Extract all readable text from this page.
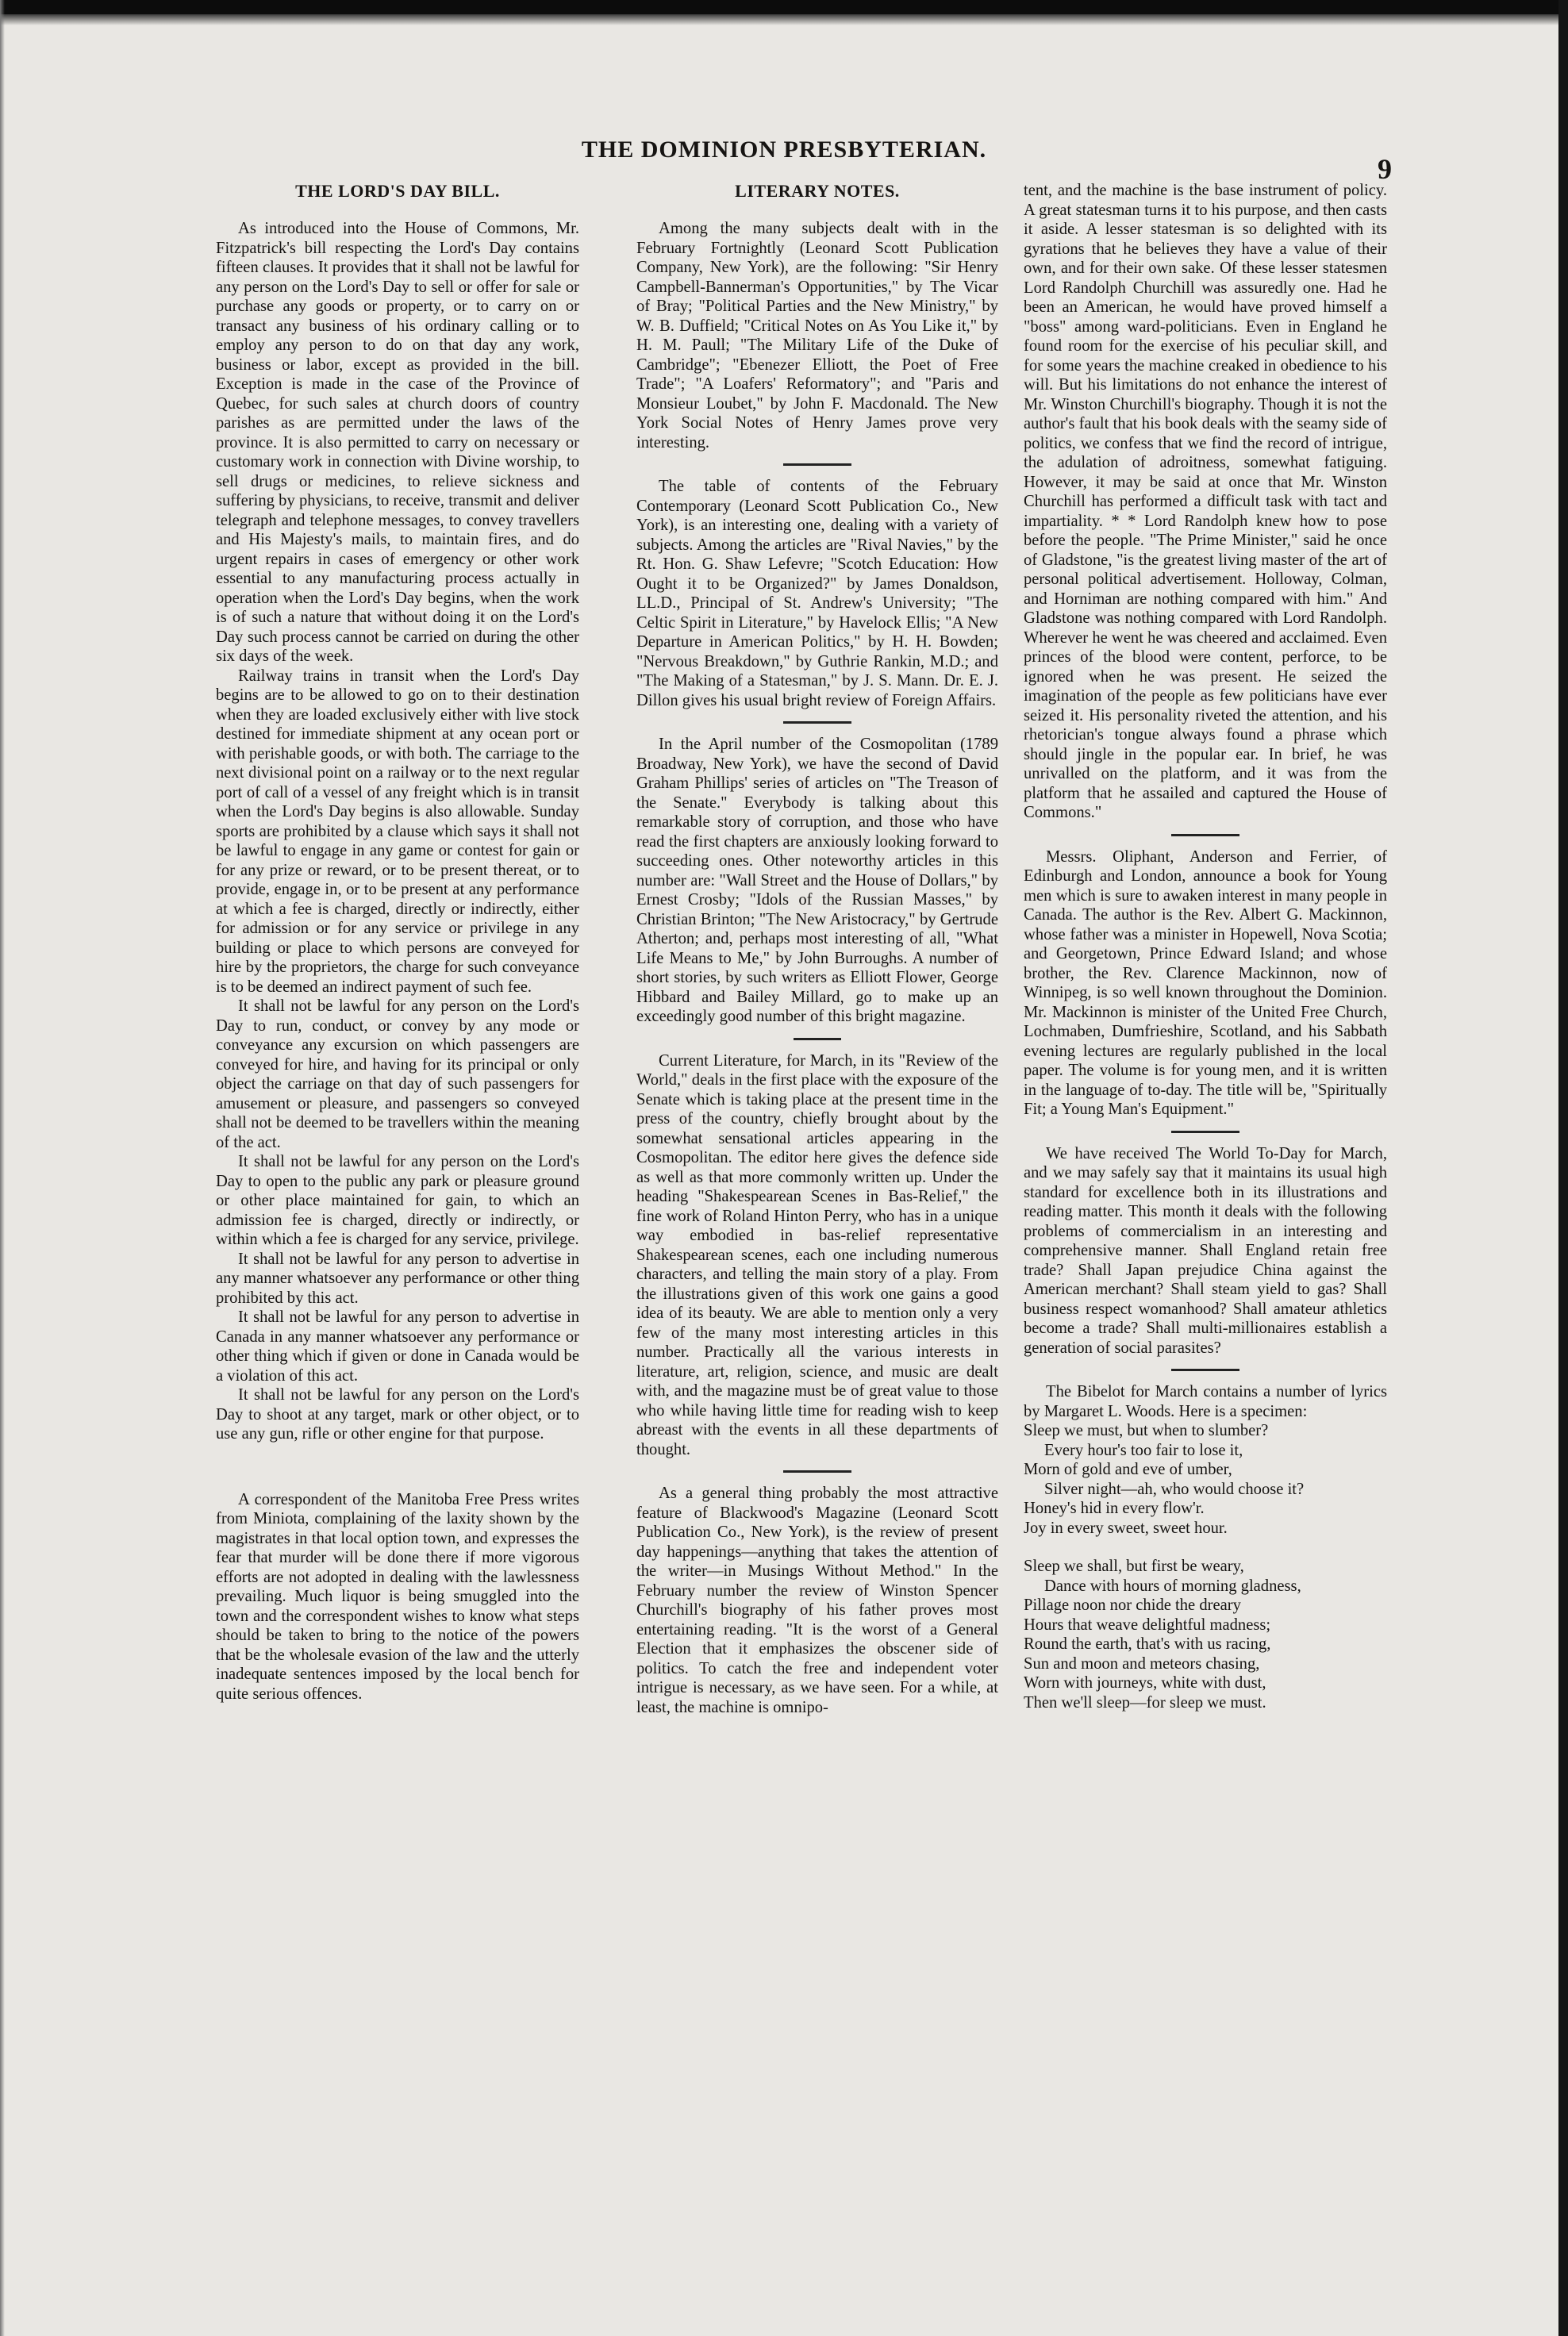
THE DOMINION PRESBYTERIAN.
9
THE LORD'S DAY BILL.

As introduced into the House of Commons, Mr. Fitzpatrick's bill respecting the Lord's Day contains fifteen clauses. It provides that it shall not be lawful for any person on the Lord's Day to sell or offer for sale or purchase any goods or property, or to carry on or transact any business of his ordinary calling or to employ any person to do on that day any work, business or labor, except as provided in the bill. Exception is made in the case of the Province of Quebec, for such sales at church doors of country parishes as are permitted under the laws of the province. It is also permitted to carry on necessary or customary work in connection with Divine worship, to sell drugs or medicines, to relieve sickness and suffering by physicians, to receive, transmit and deliver telegraph and telephone messages, to convey travellers and His Majesty's mails, to maintain fires, and do urgent repairs in cases of emergency or other work essential to any manufacturing process actually in operation when the Lord's Day begins, when the work is of such a nature that without doing it on the Lord's Day such process cannot be carried on during the other six days of the week.

Railway trains in transit when the Lord's Day begins are to be allowed to go on to their destination when they are loaded exclusively either with live stock destined for immediate shipment at any ocean port or with perishable goods, or with both. The carriage to the next divisional point on a railway or to the next regular port of call of a vessel of any freight which is in transit when the Lord's Day begins is also allowable. Sunday sports are prohibited by a clause which says it shall not be lawful to engage in any game or contest for gain or for any prize or reward, or to be present thereat, or to provide, engage in, or to be present at any performance at which a fee is charged, directly or indirectly, either for admission or for any service or privilege in any building or place to which persons are conveyed for hire by the proprietors, the charge for such conveyance is to be deemed an indirect payment of such fee.

It shall not be lawful for any person on the Lord's Day to run, conduct, or convey by any mode or conveyance any excursion on which passengers are conveyed for hire, and having for its principal or only object the carriage on that day of such passengers for amusement or pleasure, and passengers so conveyed shall not be deemed to be travellers within the meaning of the act.

It shall not be lawful for any person on the Lord's Day to open to the public any park or pleasure ground or other place maintained for gain, to which an admission fee is charged, directly or indirectly, or within which a fee is charged for any service, privilege.

It shall not be lawful for any person to advertise in any manner whatsoever any performance or other thing prohibited by this act.

It shall not be lawful for any person to advertise in Canada in any manner whatsoever any performance or other thing which if given or done in Canada would be a violation of this act.

It shall not be lawful for any person on the Lord's Day to shoot at any target, mark or other object, or to use any gun, rifle or other engine for that purpose.

A correspondent of the Manitoba Free Press writes from Miniota, complaining of the laxity shown by the magistrates in that local option town, and expresses the fear that murder will be done there if more vigorous efforts are not adopted in dealing with the lawlessness prevailing. Much liquor is being smuggled into the town and the correspondent wishes to know what steps should be taken to bring to the notice of the powers that be the wholesale evasion of the law and the utterly inadequate sentences imposed by the local bench for quite serious offences.

LITERARY NOTES.

Among the many subjects dealt with in the February Fortnightly (Leonard Scott Publication Company, New York), are the following: "Sir Henry Campbell-Bannerman's Opportunities," by The Vicar of Bray; "Political Parties and the New Ministry," by W. B. Duffield; "Critical Notes on As You Like it," by H. M. Paull; "The Military Life of the Duke of Cambridge"; "Ebenezer Elliott, the Poet of Free Trade"; "A Loafers' Reformatory"; and "Paris and Monsieur Loubet," by John F. Macdonald. The New York Social Notes of Henry James prove very interesting.

The table of contents of the February Contemporary (Leonard Scott Publication Co., New York), is an interesting one, dealing with a variety of subjects. Among the articles are "Rival Navies," by the Rt. Hon. G. Shaw Lefevre; "Scotch Education: How Ought it to be Organized?" by James Donaldson, LL.D., Principal of St. Andrew's University; "The Celtic Spirit in Literature," by Havelock Ellis; "A New Departure in American Politics," by H. H. Bowden; "Nervous Breakdown," by Guthrie Rankin, M.D.; and "The Making of a Statesman," by J. S. Mann. Dr. E. J. Dillon gives his usual bright review of Foreign Affairs.

In the April number of the Cosmopolitan (1789 Broadway, New York), we have the second of David Graham Phillips' series of articles on "The Treason of the Senate." Everybody is talking about this remarkable story of corruption, and those who have read the first chapters are anxiously looking forward to succeeding ones. Other noteworthy articles in this number are: "Wall Street and the House of Dollars," by Ernest Crosby; "Idols of the Russian Masses," by Christian Brinton; "The New Aristocracy," by Gertrude Atherton; and, perhaps most interesting of all, "What Life Means to Me," by John Burroughs. A number of short stories, by such writers as Elliott Flower, George Hibbard and Bailey Millard, go to make up an exceedingly good number of this bright magazine.

Current Literature, for March, in its "Review of the World," deals in the first place with the exposure of the Senate which is taking place at the present time in the press of the country, chiefly brought about by the somewhat sensational articles appearing in the Cosmopolitan. The editor here gives the defence side as well as that more commonly written up. Under the heading "Shakespearean Scenes in Bas-Relief," the fine work of Roland Hinton Perry, who has in a unique way embodied in bas-relief representative Shakespearean scenes, each one including numerous characters, and telling the main story of a play. From the illustrations given of this work one gains a good idea of its beauty. We are able to mention only a very few of the many most interesting articles in this number. Practically all the various interests in literature, art, religion, science, and music are dealt with, and the magazine must be of great value to those who while having little time for reading wish to keep abreast with the events in all these departments of thought.

As a general thing probably the most attractive feature of Blackwood's Magazine (Leonard Scott Publication Co., New York), is the review of present day happenings—anything that takes the attention of the writer—in Musings Without Method." In the February number the review of Winston Spencer Churchill's biography of his father proves most entertaining reading. "It is the worst of a General Election that it emphasizes the obscener side of politics. To catch the free and independent voter intrigue is necessary, as we have seen. For a while, at least, the machine is omnipo-

tent, and the machine is the base instrument of policy. A great statesman turns it to his purpose, and then casts it aside. A lesser statesman is so delighted with its gyrations that he believes they have a value of their own, and for their own sake. Of these lesser statesmen Lord Randolph Churchill was assuredly one. Had he been an American, he would have proved himself a "boss" among ward-politicians. Even in England he found room for the exercise of his peculiar skill, and for some years the machine creaked in obedience to his will. But his limitations do not enhance the interest of Mr. Winston Churchill's biography. Though it is not the author's fault that his book deals with the seamy side of politics, we confess that we find the record of intrigue, the adulation of adroitness, somewhat fatiguing. However, it may be said at once that Mr. Winston Churchill has performed a difficult task with tact and impartiality. * * Lord Randolph knew how to pose before the people. "The Prime Minister," said he once of Gladstone, "is the greatest living master of the art of personal political advertisement. Holloway, Colman, and Horniman are nothing compared with him." And Gladstone was nothing compared with Lord Randolph. Wherever he went he was cheered and acclaimed. Even princes of the blood were content, perforce, to be ignored when he was present. He seized the imagination of the people as few politicians have ever seized it. His personality riveted the attention, and his rhetorician's tongue always found a phrase which should jingle in the popular ear. In brief, he was unrivalled on the platform, and it was from the platform that he assailed and captured the House of Commons."

Messrs. Oliphant, Anderson and Ferrier, of Edinburgh and London, announce a book for Young men which is sure to awaken interest in many people in Canada. The author is the Rev. Albert G. Mackinnon, whose father was a minister in Hopewell, Nova Scotia; and Georgetown, Prince Edward Island; and whose brother, the Rev. Clarence Mackinnon, now of Winnipeg, is so well known throughout the Dominion. Mr. Mackinnon is minister of the United Free Church, Lochmaben, Dumfrieshire, Scotland, and his Sabbath evening lectures are regularly published in the local paper. The volume is for young men, and it is written in the language of to-day. The title will be, "Spiritually Fit; a Young Man's Equipment."

We have received The World To-Day for March, and we may safely say that it maintains its usual high standard for excellence both in its illustrations and reading matter. This month it deals with the following problems of commercialism in an interesting and comprehensive manner. Shall England retain free trade? Shall Japan prejudice China against the American merchant? Shall steam yield to gas? Shall business respect womanhood? Shall amateur athletics become a trade? Shall multi-millionaires establish a generation of social parasites?

The Bibelot for March contains a number of lyrics by Margaret L. Woods. Here is a specimen:

Sleep we must, but when to slumber?

Every hour's too fair to lose it,

Morn of gold and eve of umber,

Silver night—ah, who would choose it?

Honey's hid in every flow'r.

Joy in every sweet, sweet hour.

Sleep we shall, but first be weary,

Dance with hours of morning gladness,

Pillage noon nor chide the dreary

Hours that weave delightful madness;

Round the earth, that's with us racing,

Sun and moon and meteors chasing,

Worn with journeys, white with dust,

Then we'll sleep—for sleep we must.
